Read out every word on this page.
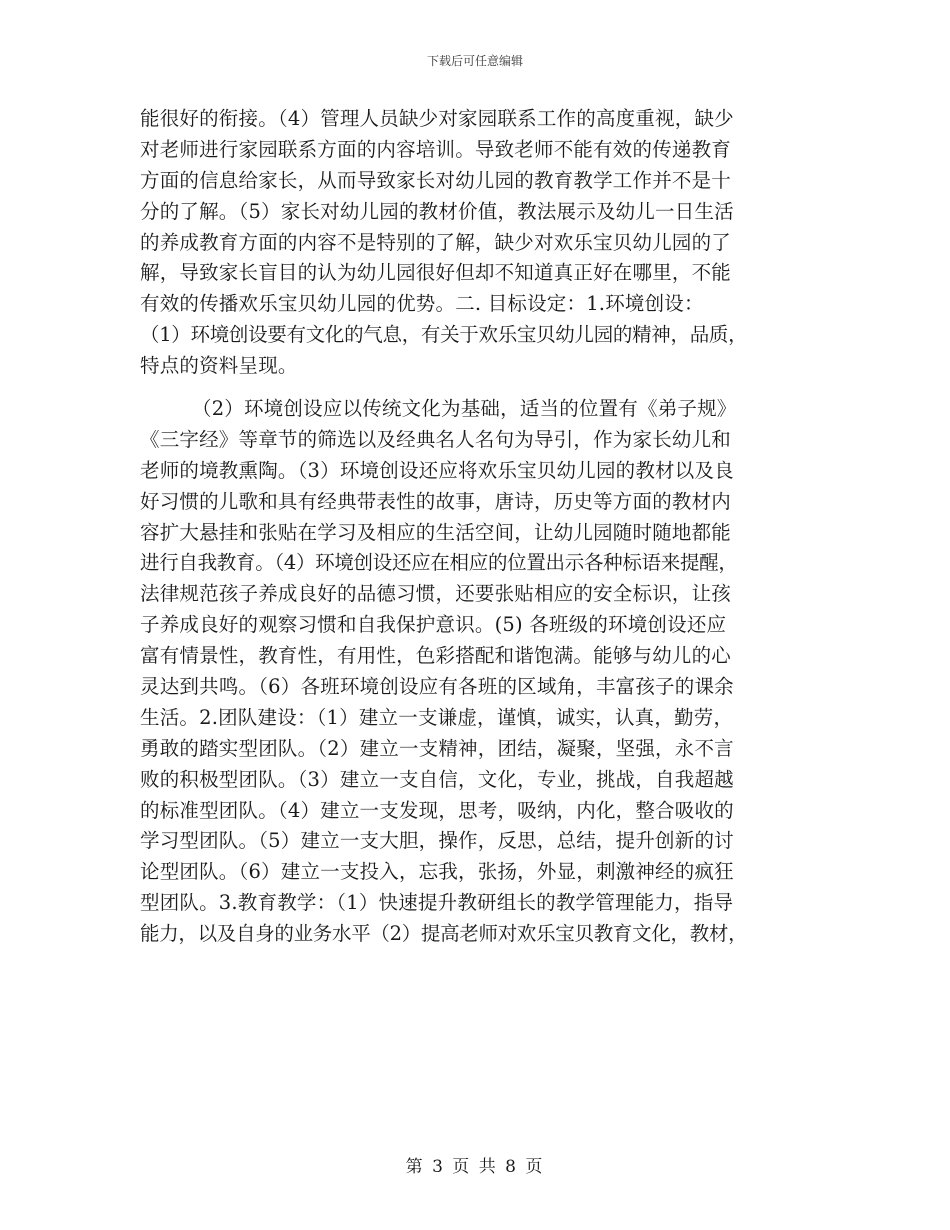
下载后可任意编辑
能很好的衔接。（4）管理人员缺少对家园联系工作的高度重视，缺少
对老师进行家园联系方面的内容培训。导致老师不能有效的传递教育
方面的信息给家长，从而导致家长对幼儿园的教育教学工作并不是十
分的了解。（5）家长对幼儿园的教材价值，教法展示及幼儿一日生活
的养成教育方面的内容不是特别的了解，缺少对欢乐宝贝幼儿园的了
解，导致家长盲目的认为幼儿园很好但却不知道真正好在哪里，不能
有效的传播欢乐宝贝幼儿园的优势。二. 目标设定：1.环境创设：
（1）环境创设要有文化的气息，有关于欢乐宝贝幼儿园的精神，品质，
特点的资料呈现。
（2）环境创设应以传统文化为基础，适当的位置有《弟子规》
《三字经》等章节的筛选以及经典名人名句为导引，作为家长幼儿和
老师的境教熏陶。（3）环境创设还应将欢乐宝贝幼儿园的教材以及良
好习惯的儿歌和具有经典带表性的故事，唐诗，历史等方面的教材内
容扩大悬挂和张贴在学习及相应的生活空间，让幼儿园随时随地都能
进行自我教育。（4）环境创设还应在相应的位置出示各种标语来提醒，
法律规范孩子养成良好的品德习惯，还要张贴相应的安全标识，让孩
子养成良好的观察习惯和自我保护意识。(5) 各班级的环境创设还应
富有情景性，教育性，有用性，色彩搭配和谐饱满。能够与幼儿的心
灵达到共鸣。（6）各班环境创设应有各班的区域角，丰富孩子的课余
生活。2.团队建设：（1）建立一支谦虚，谨慎，诚实，认真，勤劳，
勇敢的踏实型团队。（2）建立一支精神，团结，凝聚，坚强，永不言
败的积极型团队。（3）建立一支自信，文化，专业，挑战，自我超越
的标准型团队。（4）建立一支发现，思考，吸纳，内化，整合吸收的
学习型团队。（5）建立一支大胆，操作，反思，总结，提升创新的讨
论型团队。（6）建立一支投入，忘我，张扬，外显，刺激神经的疯狂
型团队。3.教育教学：（1）快速提升教研组长的教学管理能力，指导
能力，以及自身的业务水平（2）提高老师对欢乐宝贝教育文化，教材，
第 3 页 共 8 页
